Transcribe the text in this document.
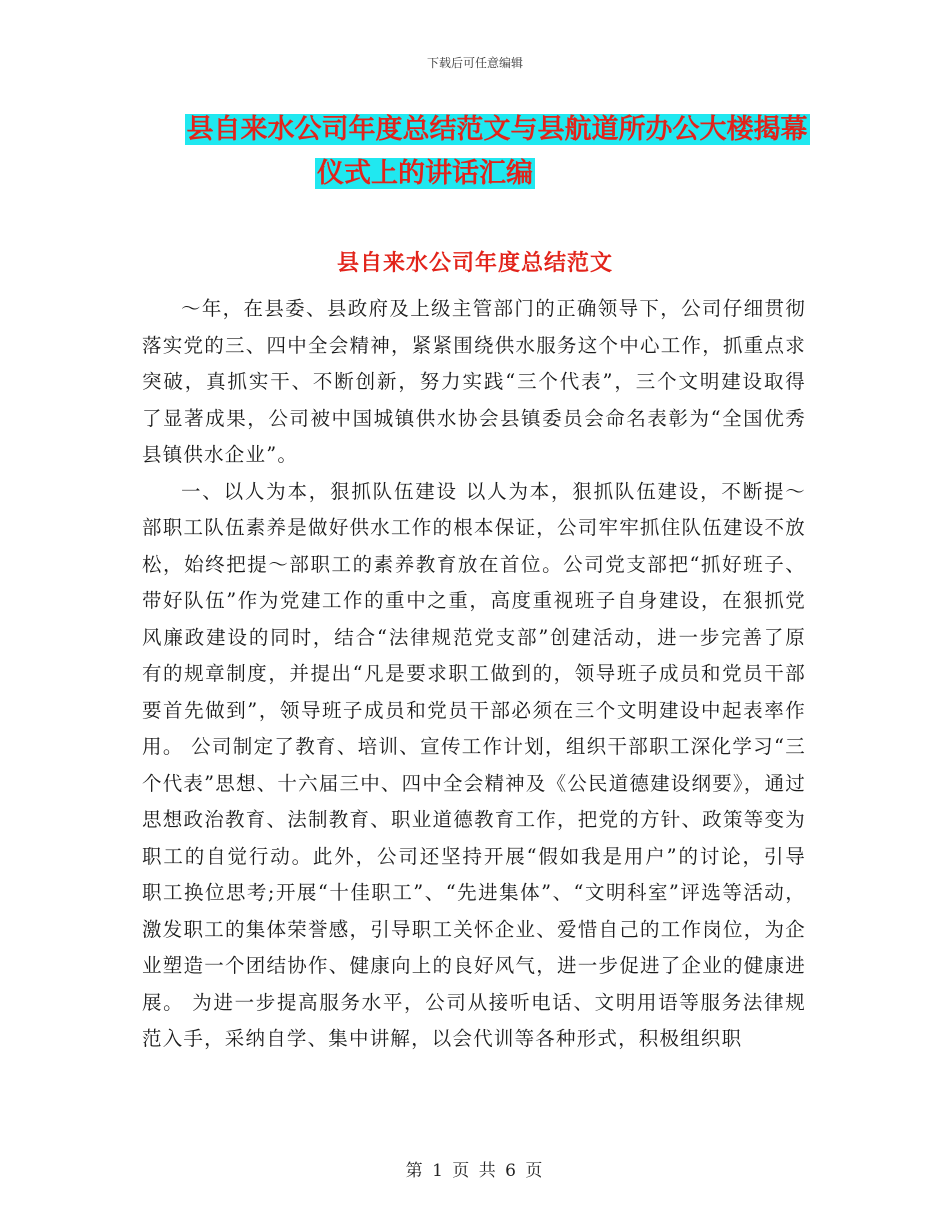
下载后可任意编辑
县自来水公司年度总结范文与县航道所办公大楼揭幕
仪式上的讲话汇编
县自来水公司年度总结范文

～年，在县委、县政府及上级主管部门的正确领导下，公司仔细贯彻落实党的三、四中全会精神，紧紧围绕供水服务这个中心工作，抓重点求突破，真抓实干、不断创新，努力实践“三个代表”，三个文明建设取得了显著成果，公司被中国城镇供水协会县镇委员会命名表彰为“全国优秀县镇供水企业”。

一、以人为本，狠抓队伍建设 以人为本，狠抓队伍建设，不断提～部职工队伍素养是做好供水工作的根本保证，公司牢牢抓住队伍建设不放松，始终把提～部职工的素养教育放在首位。公司党支部把“抓好班子、带好队伍”作为党建工作的重中之重，高度重视班子自身建设，在狠抓党风廉政建设的同时，结合“法律规范党支部”创建活动，进一步完善了原有的规章制度，并提出“凡是要求职工做到的，领导班子成员和党员干部要首先做到”，领导班子成员和党员干部必须在三个文明建设中起表率作用。 公司制定了教育、培训、宣传工作计划，组织干部职工深化学习“三个代表”思想、十六届三中、四中全会精神及《公民道德建设纲要》，通过思想政治教育、法制教育、职业道德教育工作，把党的方针、政策等变为职工的自觉行动。此外，公司还坚持开展“假如我是用户”的讨论，引导职工换位思考;开展“十佳职工”、“先进集体”、“文明科室”评选等活动，激发职工的集体荣誉感，引导职工关怀企业、爱惜自己的工作岗位，为企业塑造一个团结协作、健康向上的良好风气，进一步促进了企业的健康进展。 为进一步提高服务水平，公司从接听电话、文明用语等服务法律规范入手，采纳自学、集中讲解，以会代训等各种形式，积极组织职

第 1 页 共 6 页
